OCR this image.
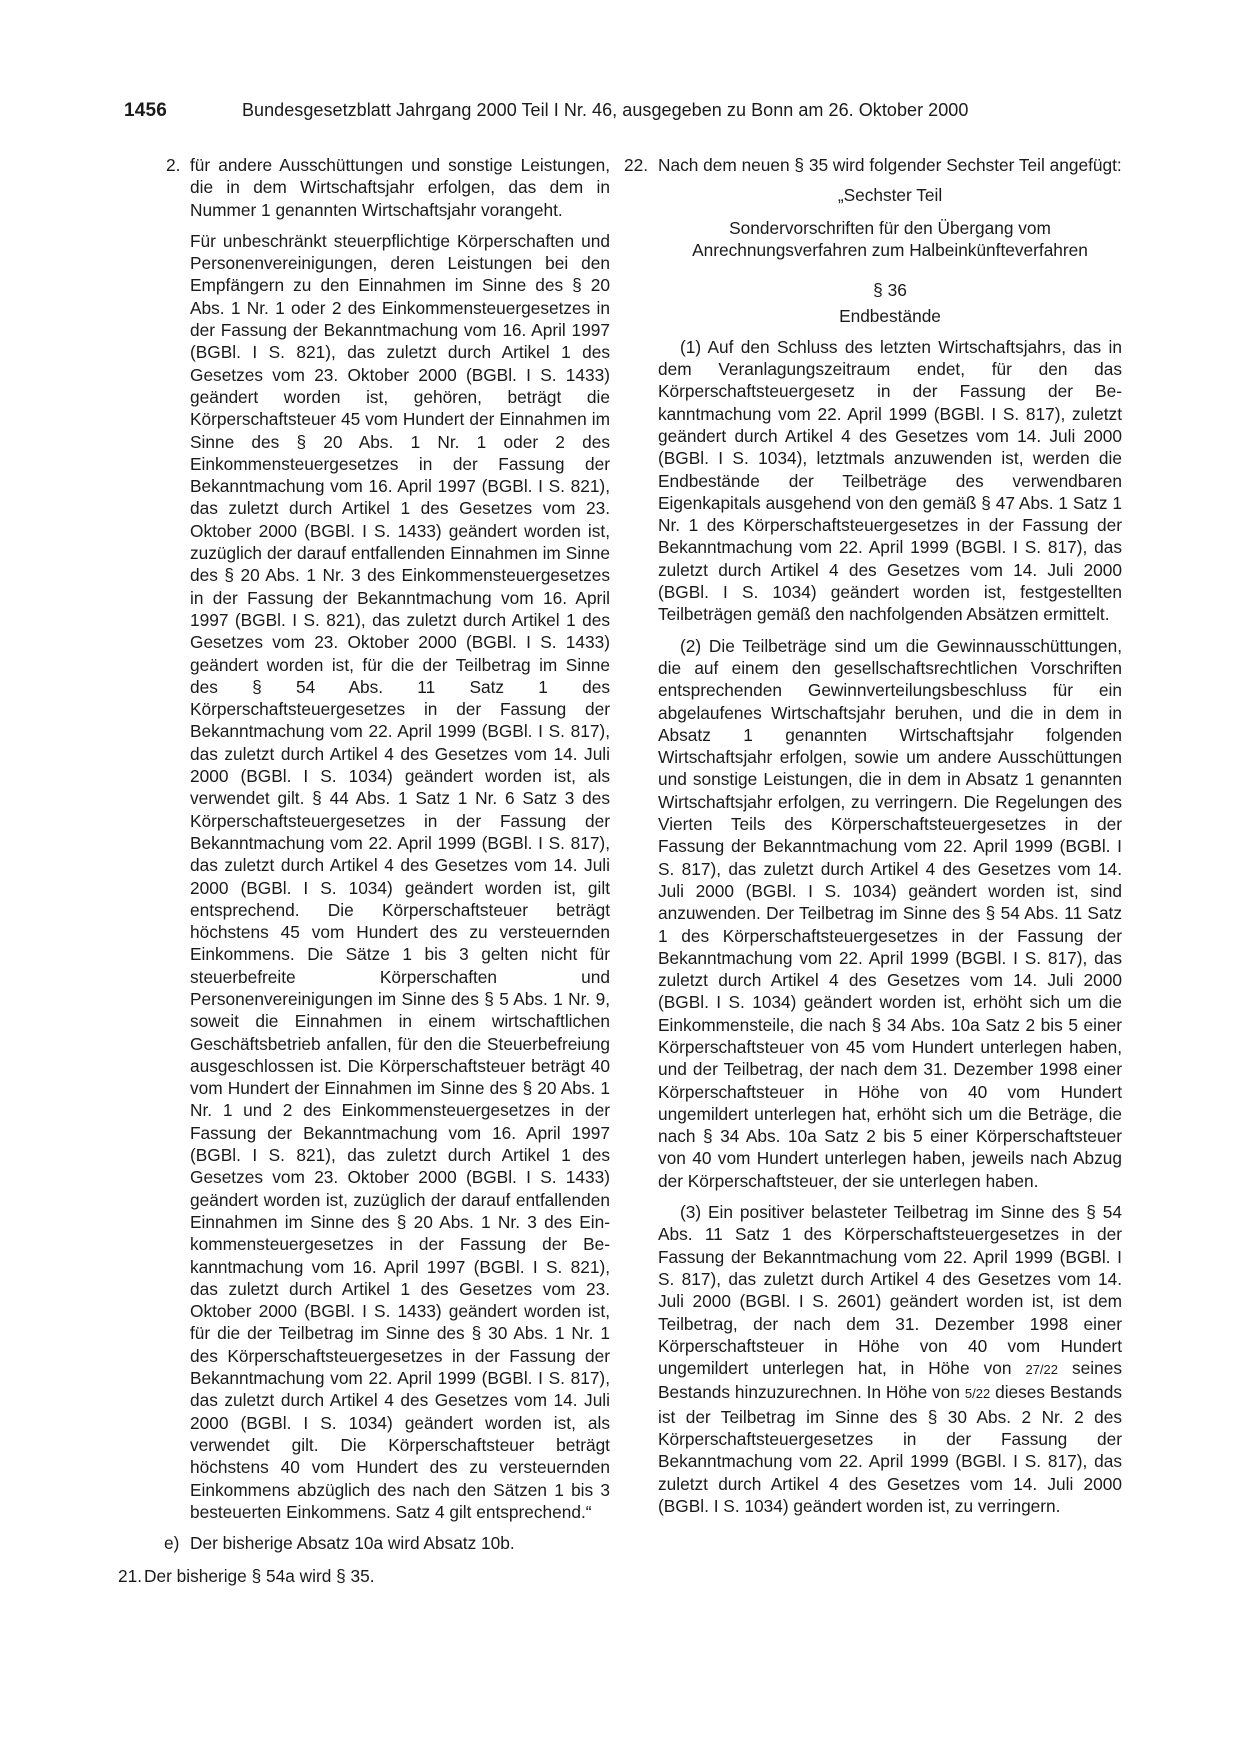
1456	Bundesgesetzblatt Jahrgang 2000 Teil I Nr. 46, ausgegeben zu Bonn am 26. Oktober 2000
2. für andere Ausschüttungen und sonstige Leistungen, die in dem Wirtschaftsjahr erfolgen, das dem in Nummer 1 genannten Wirtschaftsjahr vorangeht.

Für unbeschränkt steuerpflichtige Körperschaften und Personenvereinigungen, deren Leistungen bei den Empfängern zu den Einnahmen im Sinne des § 20 Abs. 1 Nr. 1 oder 2 des Einkommensteuergesetzes in der Fassung der Bekanntmachung vom 16. April 1997 (BGBl. I S. 821), das zuletzt durch Artikel 1 des Gesetzes vom 23. Oktober 2000 (BGBl. I S. 1433) geändert worden ist, gehören, beträgt die Körperschaftsteuer 45 vom Hundert der Einnahmen im Sinne des § 20 Abs. 1 Nr. 1 oder 2 des Einkommensteuergesetzes in der Fassung der Bekanntmachung vom 16. April 1997 (BGBl. I S. 821), das zuletzt durch Artikel 1 des Gesetzes vom 23. Oktober 2000 (BGBl. I S. 1433) geändert worden ist, zuzüglich der darauf entfallenden Einnahmen im Sinne des § 20 Abs. 1 Nr. 3 des Einkommensteuergesetzes in der Fassung der Bekanntmachung vom 16. April 1997 (BGBl. I S. 821), das zuletzt durch Artikel 1 des Gesetzes vom 23. Oktober 2000 (BGBl. I S. 1433) geändert worden ist, für die der Teilbetrag im Sinne des § 54 Abs. 11 Satz 1 des Körperschaftsteuergesetzes in der Fassung der Bekanntmachung vom 22. April 1999 (BGBl. I S. 817), das zuletzt durch Artikel 4 des Gesetzes vom 14. Juli 2000 (BGBl. I S. 1034) geändert worden ist, als verwendet gilt. § 44 Abs. 1 Satz 1 Nr. 6 Satz 3 des Körperschaftsteuergesetzes in der Fassung der Bekanntmachung vom 22. April 1999 (BGBl. I S. 817), das zuletzt durch Artikel 4 des Gesetzes vom 14. Juli 2000 (BGBl. I S. 1034) geändert worden ist, gilt entsprechend. Die Körperschaftsteuer beträgt höchstens 45 vom Hundert des zu versteuernden Einkommens. Die Sätze 1 bis 3 gelten nicht für steuerbefreite Körperschaften und Personenvereinigungen im Sinne des § 5 Abs. 1 Nr. 9, soweit die Einnahmen in einem wirtschaftlichen Geschäftsbetrieb anfallen, für den die Steuerbefreiung ausgeschlossen ist. Die Körperschaftsteuer beträgt 40 vom Hundert der Einnahmen im Sinne des § 20 Abs. 1 Nr. 1 und 2 des Einkommensteuergesetzes in der Fassung der Bekanntmachung vom 16. April 1997 (BGBl. I S. 821), das zuletzt durch Artikel 1 des Gesetzes vom 23. Oktober 2000 (BGBl. I S. 1433) geändert worden ist, zuzüglich der darauf entfallenden Einnahmen im Sinne des § 20 Abs. 1 Nr. 3 des Einkommensteuergesetzes in der Fassung der Bekanntmachung vom 16. April 1997 (BGBl. I S. 821), das zuletzt durch Artikel 1 des Gesetzes vom 23. Oktober 2000 (BGBl. I S. 1433) geändert worden ist, für die der Teilbetrag im Sinne des § 30 Abs. 1 Nr. 1 des Körperschaftsteuergesetzes in der Fassung der Bekanntmachung vom 22. April 1999 (BGBl. I S. 817), das zuletzt durch Artikel 4 des Gesetzes vom 14. Juli 2000 (BGBl. I S. 1034) geändert worden ist, als verwendet gilt. Die Körperschaftsteuer beträgt höchstens 40 vom Hundert des zu versteuernden Einkommens abzüglich des nach den Sätzen 1 bis 3 besteuerten Einkommens. Satz 4 gilt entsprechend.“

e) Der bisherige Absatz 10a wird Absatz 10b.

21. Der bisherige § 54a wird § 35.

22. Nach dem neuen § 35 wird folgender Sechster Teil angefügt:

„Sechster Teil

Sondervorschriften für den Übergang vom Anrechnungsverfahren zum Halbeinkünfteverfahren

§ 36

Endbestände

(1) Auf den Schluss des letzten Wirtschaftsjahrs, das in dem Veranlagungszeitraum endet, für den das Körperschaftsteuergesetz in der Fassung der Bekanntmachung vom 22. April 1999 (BGBl. I S. 817), zuletzt geändert durch Artikel 4 des Gesetzes vom 14. Juli 2000 (BGBl. I S. 1034), letztmals anzuwenden ist, werden die Endbestände der Teilbeträge des verwendbaren Eigenkapitals ausgehend von den gemäß § 47 Abs. 1 Satz 1 Nr. 1 des Körperschaftsteuergesetzes in der Fassung der Bekanntmachung vom 22. April 1999 (BGBl. I S. 817), das zuletzt durch Artikel 4 des Gesetzes vom 14. Juli 2000 (BGBl. I S. 1034) geändert worden ist, festgestellten Teilbeträgen gemäß den nachfolgenden Absätzen ermittelt.

(2) Die Teilbeträge sind um die Gewinnausschüttungen, die auf einem den gesellschaftsrechtlichen Vorschriften entsprechenden Gewinnverteilungsbeschluss für ein abgelaufenes Wirtschaftsjahr beruhen, und die in dem in Absatz 1 genannten Wirtschaftsjahr folgenden Wirtschaftsjahr erfolgen, sowie um andere Ausschüttungen und sonstige Leistungen, die in dem in Absatz 1 genannten Wirtschaftsjahr erfolgen, zu verringern. Die Regelungen des Vierten Teils des Körperschaftsteuergesetzes in der Fassung der Bekanntmachung vom 22. April 1999 (BGBl. I S. 817), das zuletzt durch Artikel 4 des Gesetzes vom 14. Juli 2000 (BGBl. I S. 1034) geändert worden ist, sind anzuwenden. Der Teilbetrag im Sinne des § 54 Abs. 11 Satz 1 des Körperschaftsteuergesetzes in der Fassung der Bekanntmachung vom 22. April 1999 (BGBl. I S. 817), das zuletzt durch Artikel 4 des Gesetzes vom 14. Juli 2000 (BGBl. I S. 1034) geändert worden ist, erhöht sich um die Einkommensteile, die nach § 34 Abs. 10a Satz 2 bis 5 einer Körperschaftsteuer von 45 vom Hundert unterlegen haben, und der Teilbetrag, der nach dem 31. Dezember 1998 einer Körperschaftsteuer in Höhe von 40 vom Hundert ungemildert unterlegen hat, erhöht sich um die Beträge, die nach § 34 Abs. 10a Satz 2 bis 5 einer Körperschaftsteuer von 40 vom Hundert unterlegen haben, jeweils nach Abzug der Körperschaftsteuer, der sie unterlegen haben.

(3) Ein positiver belasteter Teilbetrag im Sinne des § 54 Abs. 11 Satz 1 des Körperschaftsteuergesetzes in der Fassung der Bekanntmachung vom 22. April 1999 (BGBl. I S. 817), das zuletzt durch Artikel 4 des Gesetzes vom 14. Juli 2000 (BGBl. I S. 2601) geändert worden ist, ist dem Teilbetrag, der nach dem 31. Dezember 1998 einer Körperschaftsteuer in Höhe von 40 vom Hundert ungemildert unterlegen hat, in Höhe von 27/22 seines Bestands hinzuzurechnen. In Höhe von 5/22 dieses Bestands ist der Teilbetrag im Sinne des § 30 Abs. 2 Nr. 2 des Körperschaftsteuergesetzes in der Fassung der Bekanntmachung vom 22. April 1999 (BGBl. I S. 817), das zuletzt durch Artikel 4 des Gesetzes vom 14. Juli 2000 (BGBl. I S. 1034) geändert worden ist, zu verringern.
